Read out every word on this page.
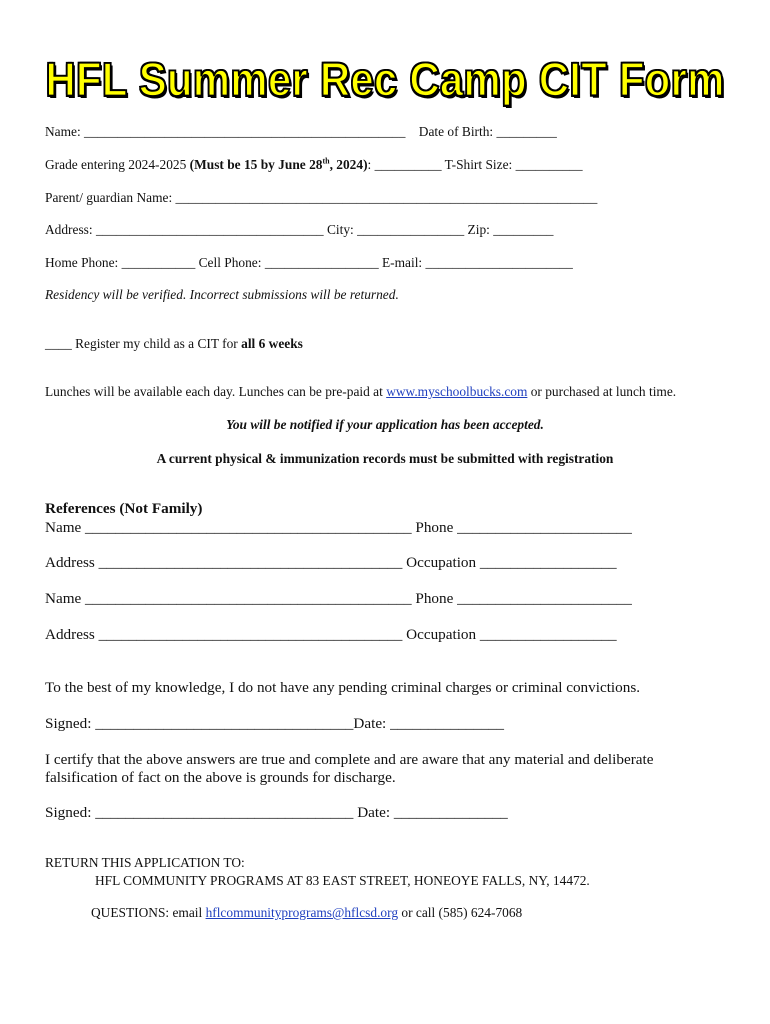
HFL Summer Rec Camp CIT Form
Name: ________________________________________________ Date of Birth: _________
Grade entering 2024-2025 (Must be 15 by June 28th, 2024): __________ T-Shirt Size: __________
Parent/ guardian Name: _______________________________________________________________
Address: __________________________________ City: ________________ Zip: _________
Home Phone: ___________ Cell Phone: _________________ E-mail: ______________________
Residency will be verified. Incorrect submissions will be returned.
____ Register my child as a CIT for all 6 weeks
Lunches will be available each day. Lunches can be pre-paid at www.myschoolbucks.com or purchased at lunch time.
You will be notified if your application has been accepted.
A current physical & immunization records must be submitted with registration
References (Not Family)
Name ___________________________________________ Phone _______________________
Address ________________________________________ Occupation __________________
Name ___________________________________________ Phone _______________________
Address ________________________________________ Occupation __________________
To the best of my knowledge, I do not have any pending criminal charges or criminal convictions.
Signed: __________________________________Date: _______________
I certify that the above answers are true and complete and are aware that any material and deliberate
falsification of fact on the above is grounds for discharge.
Signed: __________________________________ Date: _______________
RETURN THIS APPLICATION TO:
HFL COMMUNITY PROGRAMS AT 83 EAST STREET, HONEOYE FALLS, NY, 14472.
QUESTIONS: email hflcommunityprograms@hflcsd.org or call (585) 624-7068
